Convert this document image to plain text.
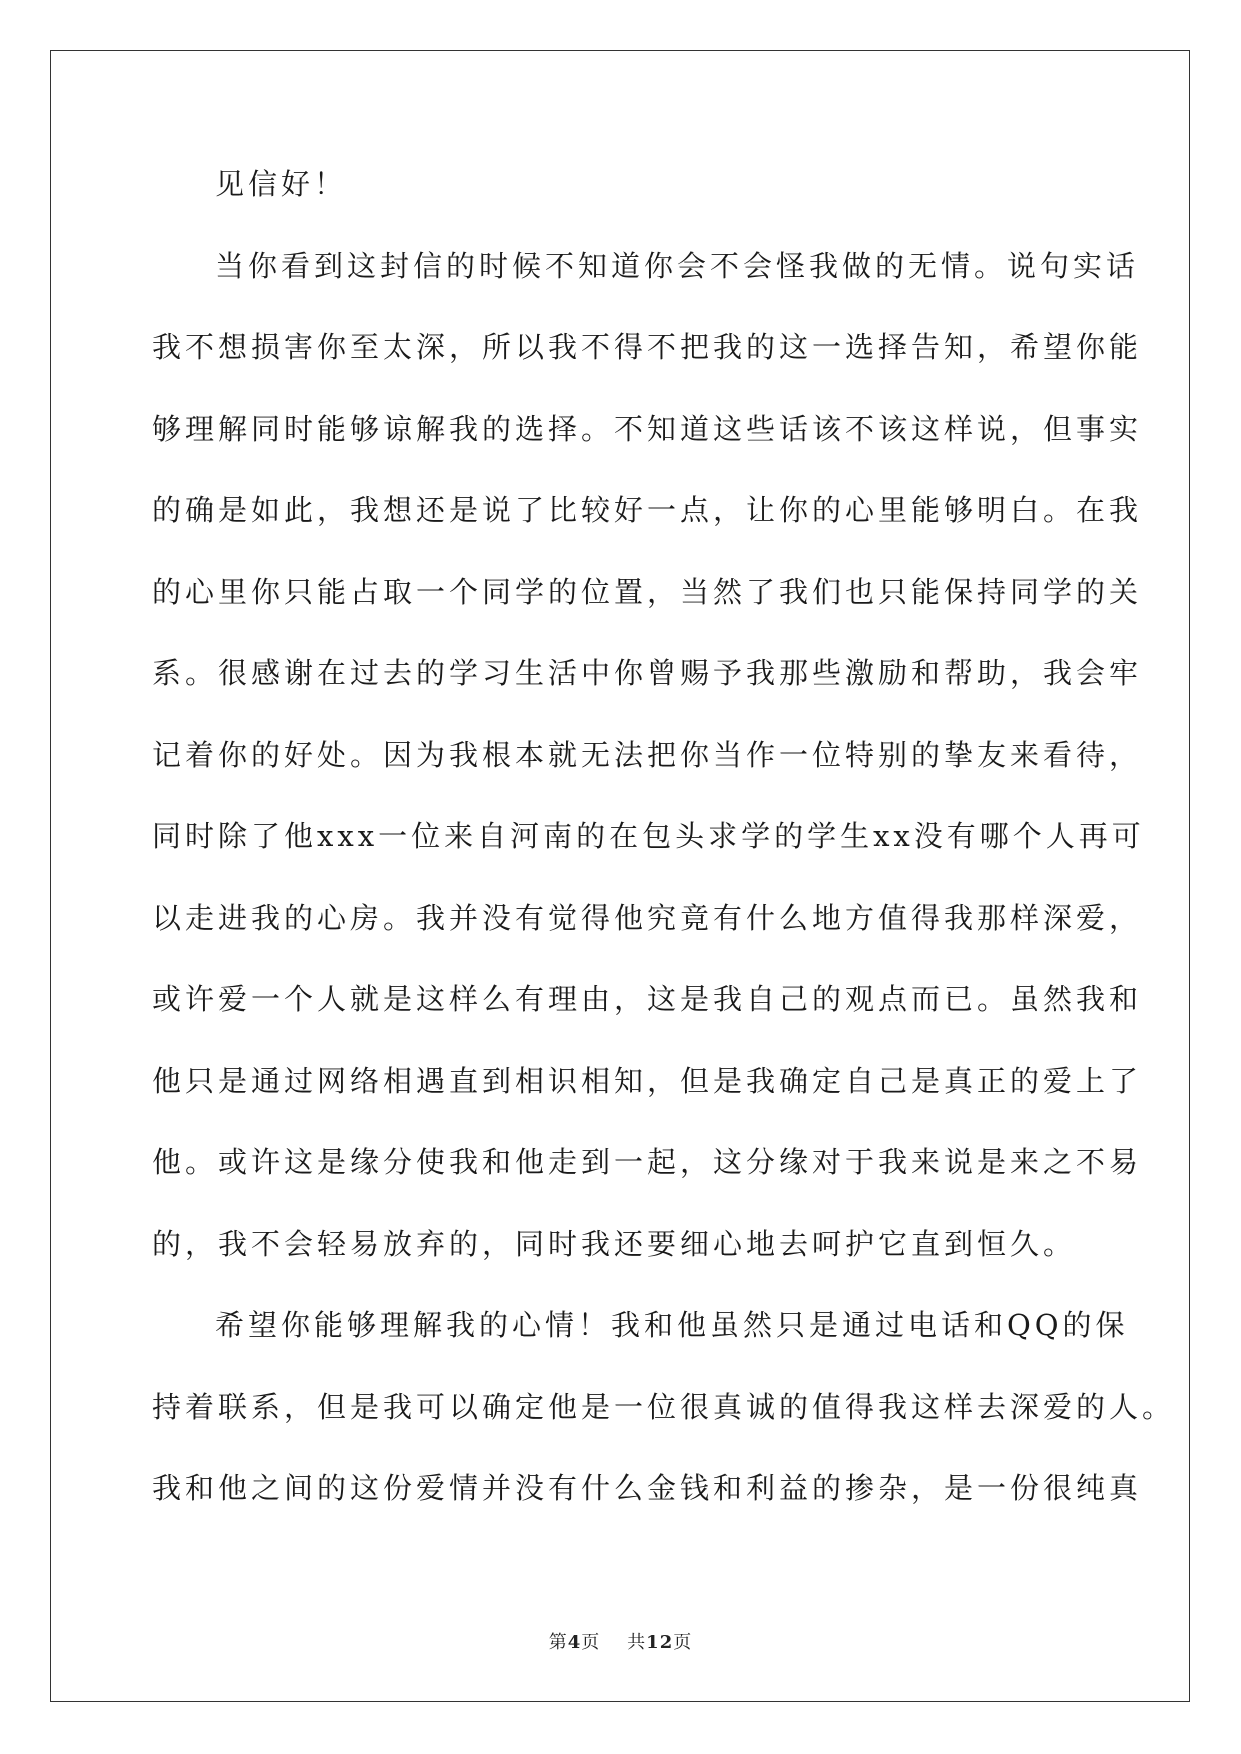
见信好！
当你看到这封信的时候不知道你会不会怪我做的无情。说句实话
我不想损害你至太深，所以我不得不把我的这一选择告知，希望你能
够理解同时能够谅解我的选择。不知道这些话该不该这样说，但事实
的确是如此，我想还是说了比较好一点，让你的心里能够明白。在我
的心里你只能占取一个同学的位置，当然了我们也只能保持同学的关
系。很感谢在过去的学习生活中你曾赐予我那些激励和帮助，我会牢
记着你的好处。因为我根本就无法把你当作一位特别的挚友来看待，
同时除了他xxx一位来自河南的在包头求学的学生xx没有哪个人再可
以走进我的心房。我并没有觉得他究竟有什么地方值得我那样深爱，
或许爱一个人就是这样么有理由，这是我自己的观点而已。虽然我和
他只是通过网络相遇直到相识相知，但是我确定自己是真正的爱上了
他。或许这是缘分使我和他走到一起，这分缘对于我来说是来之不易
的，我不会轻易放弃的，同时我还要细心地去呵护它直到恒久。
希望你能够理解我的心情！我和他虽然只是通过电话和QQ的保
持着联系，但是我可以确定他是一位很真诚的值得我这样去深爱的人。
我和他之间的这份爱情并没有什么金钱和利益的掺杂，是一份很纯真
第4页 共12页
